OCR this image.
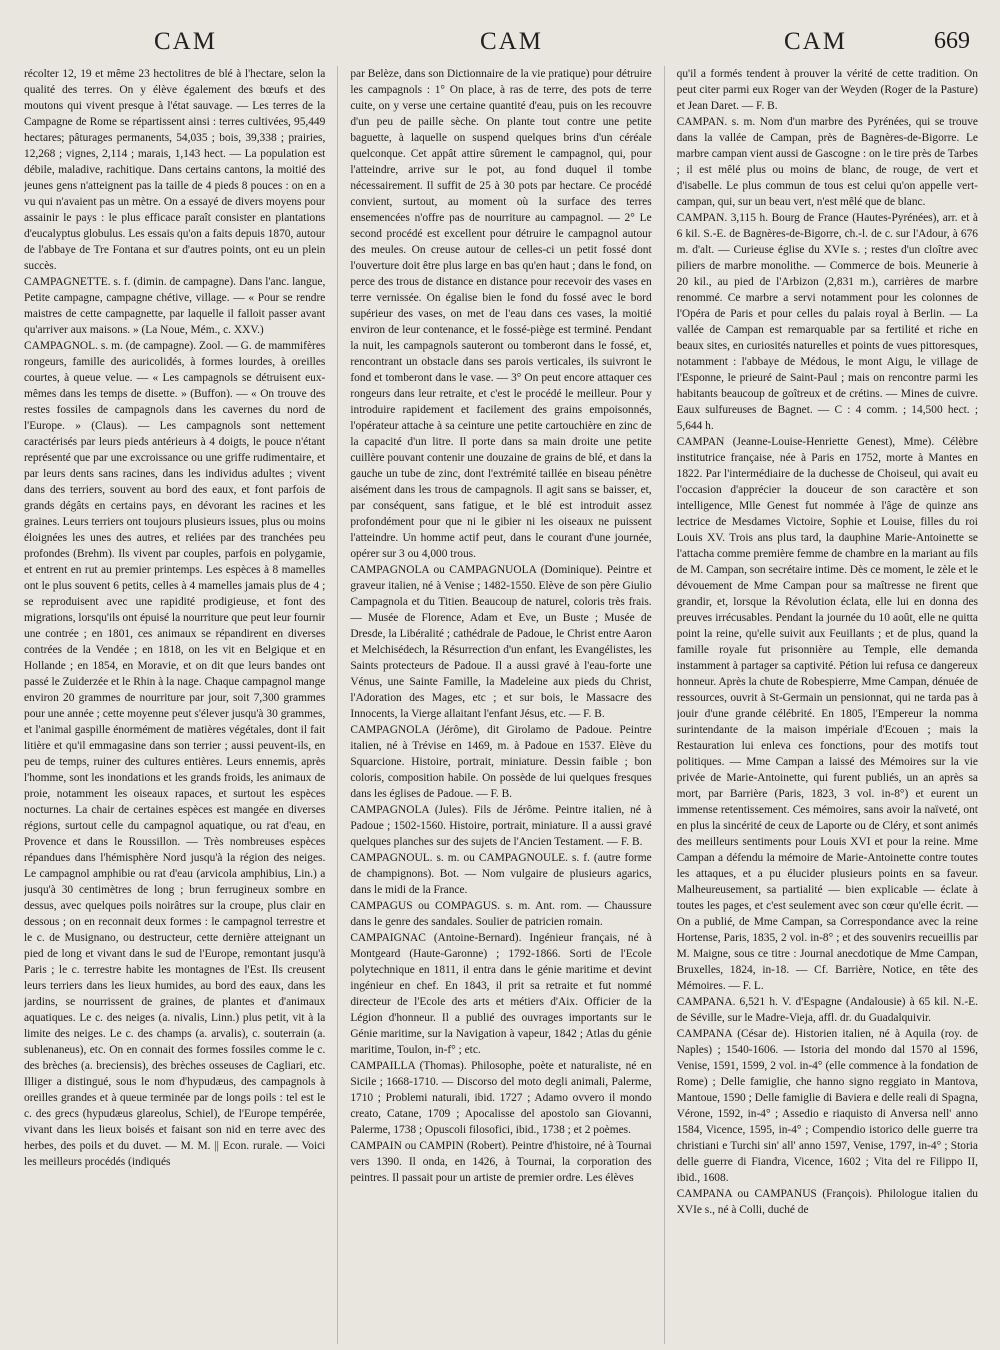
CAM	CAM	CAM	669

récolter 12, 19 et même 23 hectolitres de blé à l'hectare, selon la qualité des terres. On y élève également des bœufs et des moutons qui vivent presque à l'état sauvage. — Les terres de la Campagne de Rome se répartissent ainsi : terres cultivées, 95,449 hectares; pâturages permanents, 54,035 ; bois, 39,338 ; prairies, 12,268 ; vignes, 2,114 ; marais, 1,143 hect. — La population est débile, maladive, rachitique. Dans certains cantons, la moitié des jeunes gens n'atteignent pas la taille de 4 pieds 8 pouces : on en a vu qui n'avaient pas un mètre. On a essayé de divers moyens pour assainir le pays : le plus efficace paraît consister en plantations d'eucalyptus globulus. Les essais qu'on a faits depuis 1870, autour de l'abbaye de Tre Fontana et sur d'autres points, ont eu un plein succès.

CAMPAGNETTE. s. f. (dimin. de campagne). Dans l'anc. langue, Petite campagne, campagne chétive, village. — « Pour se rendre maistres de cette campagnette, par laquelle il falloit passer avant qu'arriver aux maisons. » (La Noue, Mém., c. XXV.)

CAMPAGNOL. s. m. (de campagne). Zool. — G. de mammifères rongeurs, famille des auricolidés, à formes lourdes, à oreilles courtes, à queue velue. — « Les campagnols se détruisent eux-mêmes dans les temps de disette. » (Buffon). — « On trouve des restes fossiles de campagnols dans les cavernes du nord de l'Europe. » (Claus). — Les campagnols sont nettement caractérisés par leurs pieds antérieurs à 4 doigts, le pouce n'étant représenté que par une excroissance ou une griffe rudimentaire, et par leurs dents sans racines, dans les individus adultes ; vivent dans des terriers, souvent au bord des eaux, et font parfois de grands dégâts en certains pays, en dévorant les racines et les graines. Leurs terriers ont toujours plusieurs issues, plus ou moins éloignées les unes des autres, et reliées par des tranchées peu profondes (Brehm). Ils vivent par couples, parfois en polygamie, et entrent en rut au premier printemps. Les espèces à 8 mamelles ont le plus souvent 6 petits, celles à 4 mamelles jamais plus de 4 ; se reproduisent avec une rapidité prodigieuse, et font des migrations, lorsqu'ils ont épuisé la nourriture que peut leur fournir une contrée ; en 1801, ces animaux se répandirent en diverses contrées de la Vendée ; en 1818, on les vit en Belgique et en Hollande ; en 1854, en Moravie, et on dit que leurs bandes ont passé le Zuiderzée et le Rhin à la nage. Chaque campagnol mange environ 20 grammes de nourriture par jour, soit 7,300 grammes pour une année ; cette moyenne peut s'élever jusqu'à 30 grammes, et l'animal gaspille énormément de matières végétales, dont il fait litière et qu'il emmagasine dans son terrier ; aussi peuvent-ils, en peu de temps, ruiner des cultures entières. Leurs ennemis, après l'homme, sont les inondations et les grands froids, les animaux de proie, notamment les oiseaux rapaces, et surtout les espèces nocturnes. La chair de certaines espèces est mangée en diverses régions, surtout celle du campagnol aquatique, ou rat d'eau, en Provence et dans le Roussillon. — Très nombreuses espèces répandues dans l'hémisphère Nord jusqu'à la région des neiges. Le campagnol amphibie ou rat d'eau (arvicola amphibius, Lin.) a jusqu'à 30 centimètres de long ; brun ferrugineux sombre en dessus, avec quelques poils noirâtres sur la croupe, plus clair en dessous ; on en reconnait deux formes : le campagnol terrestre et le c. de Musignano, ou destructeur, cette dernière atteignant un pied de long et vivant dans le sud de l'Europe, remontant jusqu'à Paris ; le c. terrestre habite les montagnes de l'Est. Ils creusent leurs terriers dans les lieux humides, au bord des eaux, dans les jardins, se nourrissent de graines, de plantes et d'animaux aquatiques. Le c. des neiges (a. nivalis, Linn.) plus petit, vit à la limite des neiges. Le c. des champs (a. arvalis), c. souterrain (a. sublenaneus), etc. On en connait des formes fossiles comme le c. des brèches (a. breciensis), des brèches osseuses de Cagliari, etc. Illiger a distingué, sous le nom d'hypudæus, des campagnols à oreilles grandes et à queue terminée par de longs poils : tel est le c. des grecs (hypudæus glareolus, Schiel), de l'Europe tempérée, vivant dans les lieux boisés et faisant son nid en terre avec des herbes, des poils et du duvet. — M. M. || Econ. rurale. — Voici les meilleurs procédés (indiqués

par Belèze, dans son Dictionnaire de la vie pratique) pour détruire les campagnols : 1° On place, à ras de terre, des pots de terre cuite, on y verse une certaine quantité d'eau, puis on les recouvre d'un peu de paille sèche. On plante tout contre une petite baguette, à laquelle on suspend quelques brins d'un céréale quelconque. Cet appât attire sûrement le campagnol, qui, pour l'atteindre, arrive sur le pot, au fond duquel il tombe nécessairement. Il suffit de 25 à 30 pots par hectare. Ce procédé convient, surtout, au moment où la surface des terres ensemencées n'offre pas de nourriture au campagnol. — 2° Le second procédé est excellent pour détruire le campagnol autour des meules. On creuse autour de celles-ci un petit fossé dont l'ouverture doit être plus large en bas qu'en haut ; dans le fond, on perce des trous de distance en distance pour recevoir des vases en terre vernissée. On égalise bien le fond du fossé avec le bord supérieur des vases, on met de l'eau dans ces vases, la moitié environ de leur contenance, et le fossé-piège est terminé. Pendant la nuit, les campagnols sauteront ou tomberont dans le fossé, et, rencontrant un obstacle dans ses parois verticales, ils suivront le fond et tomberont dans le vase. — 3° On peut encore attaquer ces rongeurs dans leur retraite, et c'est le procédé le meilleur. Pour y introduire rapidement et facilement des grains empoisonnés, l'opérateur attache à sa ceinture une petite cartouchière en zinc de la capacité d'un litre. Il porte dans sa main droite une petite cuillère pouvant contenir une douzaine de grains de blé, et dans la gauche un tube de zinc, dont l'extrémité taillée en biseau pénètre aisément dans les trous de campagnols. Il agit sans se baisser, et, par conséquent, sans fatigue, et le blé est introduit assez profondément pour que ni le gibier ni les oiseaux ne puissent l'atteindre. Un homme actif peut, dans le courant d'une journée, opérer sur 3 ou 4,000 trous.

CAMPAGNOLA ou CAMPAGNUOLA (Dominique). Peintre et graveur italien, né à Venise ; 1482-1550. Elève de son père Giulio Campagnola et du Titien. Beaucoup de naturel, coloris très frais. — Musée de Florence, Adam et Eve, un Buste ; Musée de Dresde, la Libéralité ; cathédrale de Padoue, le Christ entre Aaron et Melchisédech, la Résurrection d'un enfant, les Evangélistes, les Saints protecteurs de Padoue. Il a aussi gravé à l'eau-forte une Vénus, une Sainte Famille, la Madeleine aux pieds du Christ, l'Adoration des Mages, etc ; et sur bois, le Massacre des Innocents, la Vierge allaitant l'enfant Jésus, etc. — F. B.

CAMPAGNOLA (Jérôme), dit Girolamo de Padoue. Peintre italien, né à Trévise en 1469, m. à Padoue en 1537. Elève du Squarcione. Histoire, portrait, miniature. Dessin faible ; bon coloris, composition habile. On possède de lui quelques fresques dans les églises de Padoue. — F. B.

CAMPAGNOLA (Jules). Fils de Jérôme. Peintre italien, né à Padoue ; 1502-1560. Histoire, portrait, miniature. Il a aussi gravé quelques planches sur des sujets de l'Ancien Testament. — F. B.

CAMPAGNOUL. s. m. ou CAMPAGNOULE. s. f. (autre forme de champignons). Bot. — Nom vulgaire de plusieurs agarics, dans le midi de la France.

CAMPAGUS ou COMPAGUS. s. m. Ant. rom. — Chaussure dans le genre des sandales. Soulier de patricien romain.

CAMPAIGNAC (Antoine-Bernard). Ingénieur français, né à Montgeard (Haute-Garonne) ; 1792-1866. Sorti de l'Ecole polytechnique en 1811, il entra dans le génie maritime et devint ingénieur en chef. En 1843, il prit sa retraite et fut nommé directeur de l'Ecole des arts et métiers d'Aix. Officier de la Légion d'honneur. Il a publié des ouvrages importants sur le Génie maritime, sur la Navigation à vapeur, 1842 ; Atlas du génie maritime, Toulon, in-f° ; etc.

CAMPAILLA (Thomas). Philosophe, poète et naturaliste, né en Sicile ; 1668-1710. — Discorso del moto degli animali, Palerme, 1710 ; Problemi naturali, ibid. 1727 ; Adamo ovvero il mondo creato, Catane, 1709 ; Apocalisse del apostolo san Giovanni, Palerme, 1738 ; Opuscoli filosofici, ibid., 1738 ; et 2 poèmes.

CAMPAIN ou CAMPIN (Robert). Peintre d'histoire, né à Tournai vers 1390. Il onda, en 1426, à Tournai, la corporation des peintres. Il passait pour un artiste de premier ordre. Les élèves

qu'il a formés tendent à prouver la vérité de cette tradition. On peut citer parmi eux Roger van der Weyden (Roger de la Pasture) et Jean Daret. — F. B.

CAMPAN. s. m. Nom d'un marbre des Pyrénées, qui se trouve dans la vallée de Campan, près de Bagnères-de-Bigorre. Le marbre campan vient aussi de Gascogne : on le tire près de Tarbes ; il est mêlé plus ou moins de blanc, de rouge, de vert et d'isabelle. Le plus commun de tous est celui qu'on appelle vert-campan, qui, sur un beau vert, n'est mêlé que de blanc.

CAMPAN. 3,115 h. Bourg de France (Hautes-Pyrénées), arr. et à 6 kil. S.-E. de Bagnères-de-Bigorre, ch.-l. de c. sur l'Adour, à 676 m. d'alt. — Curieuse église du XVIe s. ; restes d'un cloître avec piliers de marbre monolithe. — Commerce de bois. Meunerie à 20 kil., au pied de l'Arbizon (2,831 m.), carrières de marbre renommé. Ce marbre a servi notamment pour les colonnes de l'Opéra de Paris et pour celles du palais royal à Berlin. — La vallée de Campan est remarquable par sa fertilité et riche en beaux sites, en curiosités naturelles et points de vues pittoresques, notamment : l'abbaye de Médous, le mont Aigu, le village de l'Esponne, le prieuré de Saint-Paul ; mais on rencontre parmi les habitants beaucoup de goîtreux et de crétins. — Mines de cuivre. Eaux sulfureuses de Bagnet. — C : 4 comm. ; 14,500 hect. ; 5,644 h.

CAMPAN (Jeanne-Louise-Henriette Genest), Mme). Célèbre institutrice française, née à Paris en 1752, morte à Mantes en 1822. Par l'intermédiaire de la duchesse de Choiseul, qui avait eu l'occasion d'apprécier la douceur de son caractère et son intelligence, Mlle Genest fut nommée à l'âge de quinze ans lectrice de Mesdames Victoire, Sophie et Louise, filles du roi Louis XV. Trois ans plus tard, la dauphine Marie-Antoinette se l'attacha comme première femme de chambre en la mariant au fils de M. Campan, son secrétaire intime. Dès ce moment, le zèle et le dévouement de Mme Campan pour sa maîtresse ne firent que grandir, et, lorsque la Révolution éclata, elle lui en donna des preuves irrécusables. Pendant la journée du 10 août, elle ne quitta point la reine, qu'elle suivit aux Feuillants ; et de plus, quand la famille royale fut prisonnière au Temple, elle demanda instamment à partager sa captivité. Pétion lui refusa ce dangereux honneur. Après la chute de Robespierre, Mme Campan, dénuée de ressources, ouvrit à St-Germain un pensionnat, qui ne tarda pas à jouir d'une grande célébrité. En 1805, l'Empereur la nomma surintendante de la maison impériale d'Ecouen ; mais la Restauration lui enleva ces fonctions, pour des motifs tout politiques. — Mme Campan a laissé des Mémoires sur la vie privée de Marie-Antoinette, qui furent publiés, un an après sa mort, par Barrière (Paris, 1823, 3 vol. in-8°) et eurent un immense retentissement. Ces mémoires, sans avoir la naïveté, ont en plus la sincérité de ceux de Laporte ou de Cléry, et sont animés des meilleurs sentiments pour Louis XVI et pour la reine. Mme Campan a défendu la mémoire de Marie-Antoinette contre toutes les attaques, et a pu élucider plusieurs points en sa faveur. Malheureusement, sa partialité — bien explicable — éclate à toutes les pages, et c'est seulement avec son cœur qu'elle écrit. — On a publié, de Mme Campan, sa Correspondance avec la reine Hortense, Paris, 1835, 2 vol. in-8° ; et des souvenirs recueillis par M. Maigne, sous ce titre : Journal anecdotique de Mme Campan, Bruxelles, 1824, in-18. — Cf. Barrière, Notice, en tête des Mémoires. — F. L.

CAMPANA. 6,521 h. V. d'Espagne (Andalousie) à 65 kil. N.-E. de Séville, sur le Madre-Vieja, affl. dr. du Guadalquivir.

CAMPANA (César de). Historien italien, né à Aquila (roy. de Naples) ; 1540-1606. — Istoria del mondo dal 1570 al 1596, Venise, 1591, 1599, 2 vol. in-4° (elle commence à la fondation de Rome) ; Delle famiglie, che hanno signo reggiato in Mantova, Mantoue, 1590 ; Delle famiglie di Baviera e delle reali di Spagna, Vérone, 1592, in-4° ; Assedio e riaquisto di Anversa nell' anno 1584, Vicence, 1595, in-4° ; Compendio istorico delle guerre tra christiani e Turchi sin' all' anno 1597, Venise, 1797, in-4° ; Storia delle guerre di Fiandra, Vicence, 1602 ; Vita del re Filippo II, ibid., 1608.

CAMPANA ou CAMPANUS (François). Philologue italien du XVIe s., né à Colli, duché de
